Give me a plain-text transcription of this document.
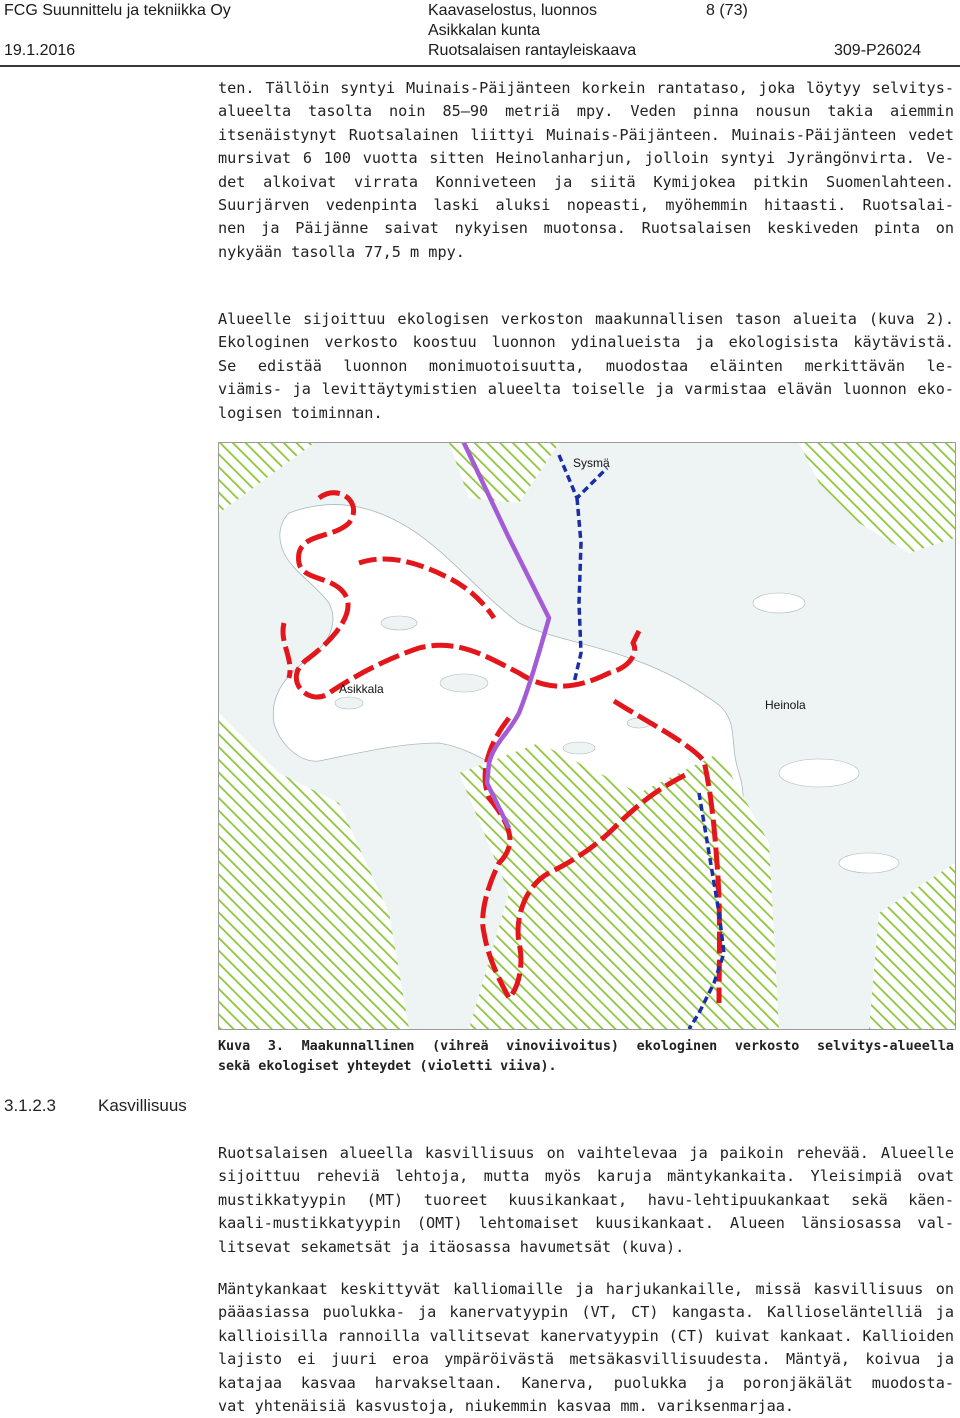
FCG Suunnittelu ja tekniikka Oy
19.1.2016
Kaavaselostus, luonnos
Asikkalan kunta
Ruotsalaisen rantayleiskaava
8 (73)
309-P26024
ten. Tällöin syntyi Muinais-Päijänteen korkein rantataso, joka löytyy selvitys-
alueelta tasolta noin 85–90 metriä mpy. Veden pinna nousun takia aiemmin
itsenäistynyt Ruotsalainen liittyi Muinais-Päijänteen. Muinais-Päijänteen vedet
mursivat 6 100 vuotta sitten Heinolanharjun, jolloin syntyi Jyrängönvirta. Ve-
det alkoivat virrata Konniveteen ja siitä Kymijokea pitkin Suomenlahteen.
Suurjärven vedenpinta laski aluksi nopeasti, myöhemmin hitaasti. Ruotsalai-
nen ja Päijänne saivat nykyisen muotonsa. Ruotsalaisen keskiveden pinta on
nykyään tasolla 77,5 m mpy.
Alueelle sijoittuu ekologisen verkoston maakunnallisen tason alueita (kuva 2).
Ekologinen verkosto koostuu luonnon ydinalueista ja ekologisista käytävistä.
Se edistää luonnon monimuotoisuutta, muodostaa eläinten merkittävän le-
viämis- ja levittäytymistien alueelta toiselle ja varmistaa elävän luonnon eko-
logisen toiminnan.
Sysmä
Asikkala
Heinola
Kuva 3. Maakunnallinen (vihreä vinoviivoitus) ekologinen verkosto selvitys-alueella
sekä ekologiset yhteydet (violetti viiva).
3.1.2.3 Kasvillisuus
Ruotsalaisen alueella kasvillisuus on vaihtelevaa ja paikoin rehevää. Alueelle
sijoittuu reheviä lehtoja, mutta myös karuja mäntykankaita. Yleisimpiä ovat
mustikkatyypin (MT) tuoreet kuusikankaat, havu-lehtipuukankaat sekä käen-
kaali-mustikkatyypin (OMT) lehtomaiset kuusikankaat. Alueen länsiosassa val-
litsevat sekametsät ja itäosassa havumetsät (kuva).
Mäntykankaat keskittyvät kalliomaille ja harjukankaille, missä kasvillisuus on
pääasiassa puolukka- ja kanervatyypin (VT, CT) kangasta. Kallioseläntelliä ja
kallioisilla rannoilla vallitsevat kanervatyypin (CT) kuivat kankaat. Kallioiden
lajisto ei juuri eroa ympäröivästä metsäkasvillisuudesta. Mäntyä, koivua ja
katajaa kasvaa harvakseltaan. Kanerva, puolukka ja poronjäkälät muodosta-
vat yhtenäisiä kasvustoja, niukemmin kasvaa mm. variksenmarjaa.
